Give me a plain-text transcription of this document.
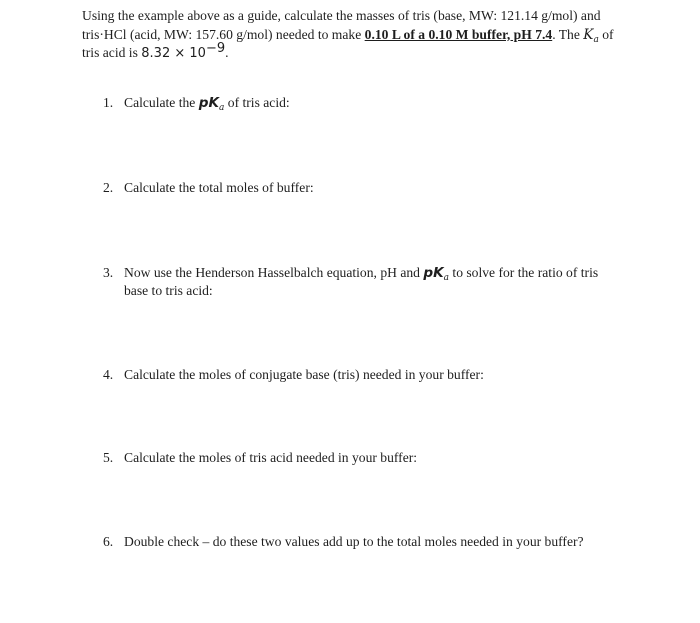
Using the example above as a guide, calculate the masses of tris (base, MW: 121.14 g/mol) and tris·HCl (acid, MW: 157.60 g/mol) needed to make 0.10 L of a 0.10 M buffer, pH 7.4. The $K_a$ of tris acid is $8.32 \times 10^{-9}$.
1. Calculate the $pK_a$ of tris acid:
2. Calculate the total moles of buffer:
3. Now use the Henderson Hasselbalch equation, pH and $pK_a$ to solve for the ratio of tris base to tris acid:
4. Calculate the moles of conjugate base (tris) needed in your buffer:
5. Calculate the moles of tris acid needed in your buffer:
6. Double check – do these two values add up to the total moles needed in your buffer?
